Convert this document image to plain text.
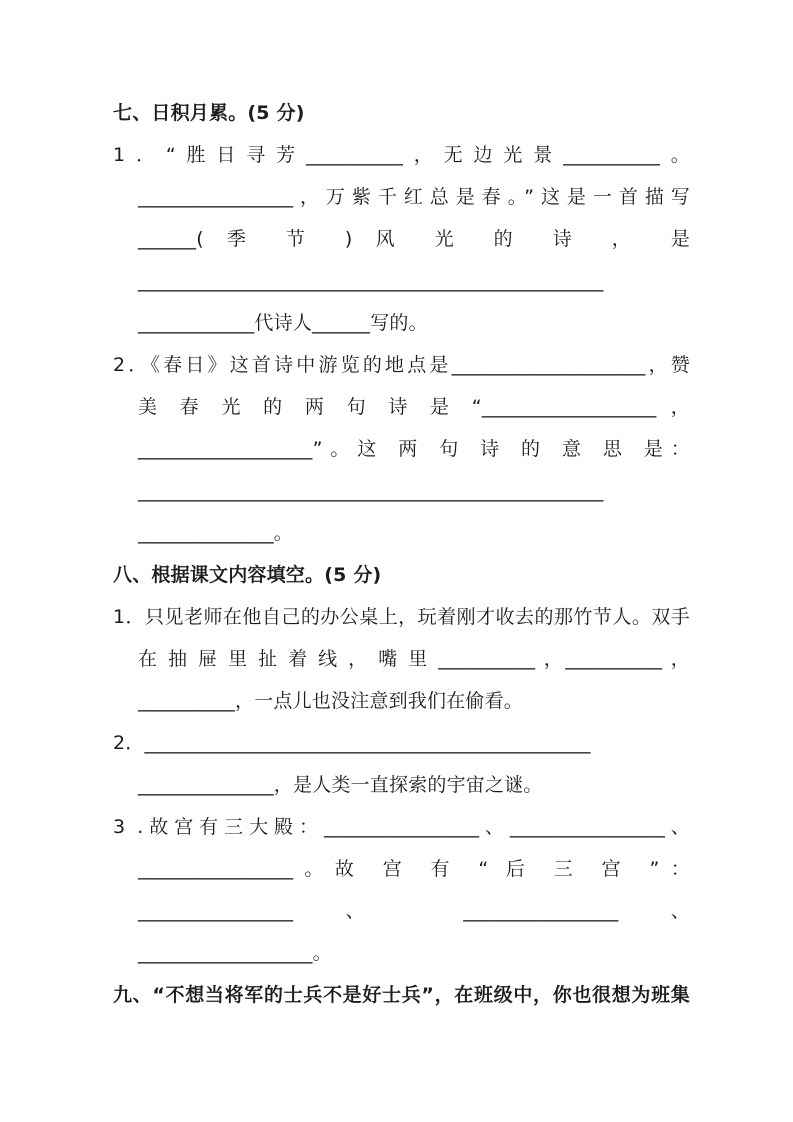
七、日积月累。(5 分)
1．“胜日寻芳__________，无边光景__________。
________________，万紫千红总是春。”这是一首描写
______( 季 节 ) 风 光 的 诗 ， 是
________________________________________________
____________代诗人______写的。
2．《春日》这首诗中游览的地点是____________________，赞
美 春 光 的 两 句 诗 是 “__________________ ，
__________________”。这 两 句 诗 的 意 思 是：
________________________________________________
______________。
八、根据课文内容填空。(5 分)
1．只见老师在他自己的办公桌上，玩着刚才收去的那竹节人。双手
在 抽 屉 里 扯 着 线 ， 嘴 里 __________ ，__________ ，
__________，一点儿也没注意到我们在偷看。
2．______________________________________________
______________，是人类一直探索的宇宙之谜。
3 .故宫有三大殿：________________、________________、
________________。故 宫 有 “ 后 三 宫 ”：
________________ 、 ________________ 、
__________________。
九、“不想当将军的士兵不是好士兵”，在班级中，你也很想为班集
